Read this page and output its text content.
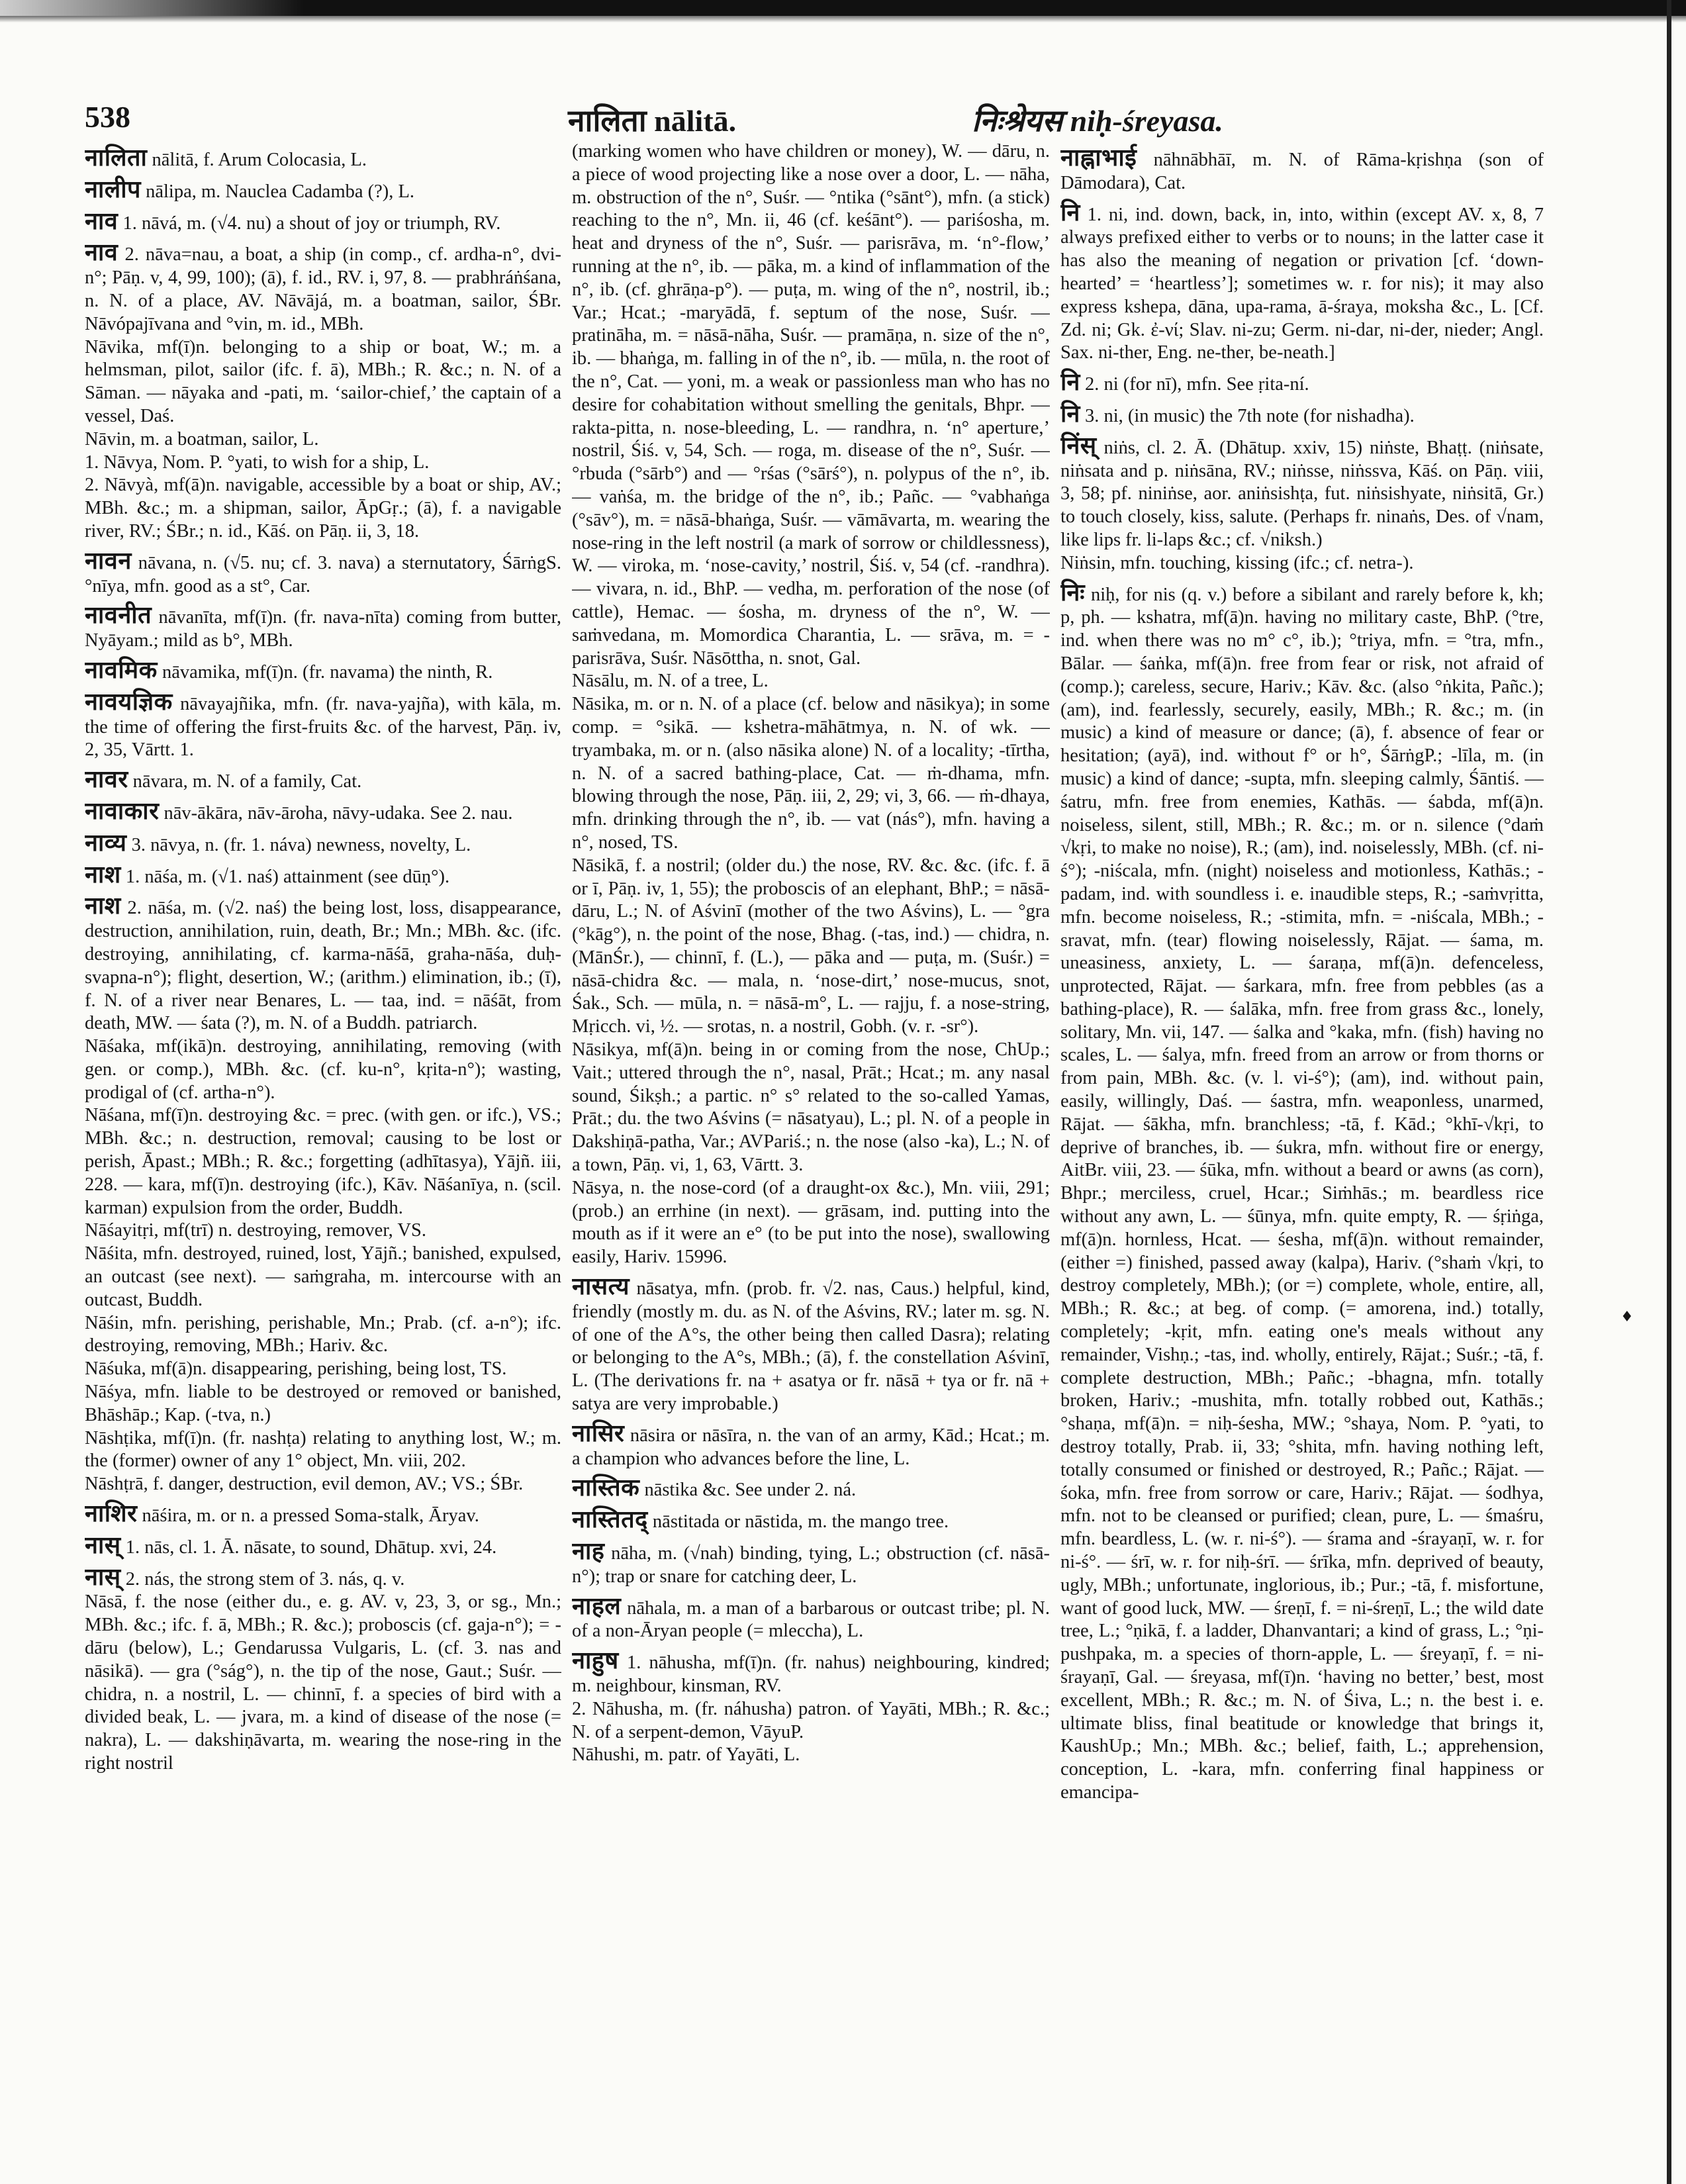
538	नालिता nālitā.	निःश्रेयस niḥ-śreyasa.

नालिता nālitā, f. Arum Colocasia, L.

नालीप nālipa, m. Nauclea Cadamba (?), L.

नाव 1. nāvá, m. (√4. nu) a shout of joy or triumph, RV.

नाव 2. nāva=nau, a boat, a ship (in comp., cf. ardha-n°, dvi-n°; Pāṇ. v, 4, 99, 100); (ā), f. id., RV. i, 97, 8. — prabhráṅśana, n. N. of a place, AV. Nāvājá, m. a boatman, sailor, ŚBr. Nāvópajīvana and °vin, m. id., MBh.

Nāvika, mf(ī)n. belonging to a ship or boat, W.; m. a helmsman, pilot, sailor (ifc. f. ā), MBh.; R. &c.; n. N. of a Sāman. — nāyaka and -pati, m. ‘sailor-chief,’ the captain of a vessel, Daś.

Nāvin, m. a boatman, sailor, L.

1. Nāvya, Nom. P. °yati, to wish for a ship, L.

2. Nāvyà, mf(ā)n. navigable, accessible by a boat or ship, AV.; MBh. &c.; m. a shipman, sailor, ĀpGṛ.; (ā), f. a navigable river, RV.; ŚBr.; n. id., Kāś. on Pāṇ. ii, 3, 18.

नावन nāvana, n. (√5. nu; cf. 3. nava) a sternutatory, ŚārṅgS. °nīya, mfn. good as a st°, Car.

नावनीत nāvanīta, mf(ī)n. (fr. nava-nīta) coming from butter, Nyāyam.; mild as b°, MBh.

नावमिक nāvamika, mf(ī)n. (fr. navama) the ninth, R.

नावयज्ञिक nāvayajñika, mfn. (fr. nava-yajña), with kāla, m. the time of offering the first-fruits &c. of the harvest, Pāṇ. iv, 2, 35, Vārtt. 1.

नावर nāvara, m. N. of a family, Cat.

नावाकार nāv-ākāra, nāv-āroha, nāvy-udaka. See 2. nau.

नाव्य 3. nāvya, n. (fr. 1. náva) newness, novelty, L.

नाश 1. nāśa, m. (√1. naś) attainment (see dūṇ°).

नाश 2. nāśa, m. (√2. naś) the being lost, loss, disappearance, destruction, annihilation, ruin, death, Br.; Mn.; MBh. &c. (ifc. destroying, annihilating, cf. karma-nāśā, graha-nāśa, duḥ-svapna-n°); flight, desertion, W.; (arithm.) elimination, ib.; (ī), f. N. of a river near Benares, L. — taa, ind. = nāśāt, from death, MW. — śata (?), m. N. of a Buddh. patriarch.

Nāśaka, mf(ikā)n. destroying, annihilating, removing (with gen. or comp.), MBh. &c. (cf. ku-n°, kṛita-n°); wasting, prodigal of (cf. artha-n°).

Nāśana, mf(ī)n. destroying &c. = prec. (with gen. or ifc.), VS.; MBh. &c.; n. destruction, removal; causing to be lost or perish, Āpast.; MBh.; R. &c.; forgetting (adhītasya), Yājñ. iii, 228. — kara, mf(ī)n. destroying (ifc.), Kāv. Nāśanīya, n. (scil. karman) expulsion from the order, Buddh.

Nāśayitṛi, mf(trī) n. destroying, remover, VS.

Nāśita, mfn. destroyed, ruined, lost, Yājñ.; banished, expulsed, an outcast (see next). — saṁgraha, m. intercourse with an outcast, Buddh.

Nāśin, mfn. perishing, perishable, Mn.; Prab. (cf. a-n°); ifc. destroying, removing, MBh.; Hariv. &c.

Nāśuka, mf(ā)n. disappearing, perishing, being lost, TS.

Nāśya, mfn. liable to be destroyed or removed or banished, Bhāshāp.; Kap. (-tva, n.)

Nāshṭika, mf(ī)n. (fr. nashṭa) relating to anything lost, W.; m. the (former) owner of any 1° object, Mn. viii, 202.

Nāshṭrā, f. danger, destruction, evil demon, AV.; VS.; ŚBr.

नाशिर nāśira, m. or n. a pressed Soma-stalk, Āryav.

नास् 1. nās, cl. 1. Ā. nāsate, to sound, Dhātup. xvi, 24.

नास् 2. nás, the strong stem of 3. nás, q. v.

Nāsā, f. the nose (either du., e. g. AV. v, 23, 3, or sg., Mn.; MBh. &c.; ifc. f. ā, MBh.; R. &c.); proboscis (cf. gaja-n°); = -dāru (below), L.; Gendarussa Vulgaris, L. (cf. 3. nas and nāsikā). — gra (°ság°), n. the tip of the nose, Gaut.; Suśr. — chidra, n. a nostril, L. — chinnī, f. a species of bird with a divided beak, L. — jvara, m. a kind of disease of the nose (= nakra), L. — dakshiṇāvarta, m. wearing the nose-ring in the right nostril

(marking women who have children or money), W. — dāru, n. a piece of wood projecting like a nose over a door, L. — nāha, m. obstruction of the n°, Suśr. — °ntika (°sānt°), mfn. (a stick) reaching to the n°, Mn. ii, 46 (cf. keśānt°). — pariśosha, m. heat and dryness of the n°, Suśr. — parisrāva, m. ‘n°-flow,’ running at the n°, ib. — pāka, m. a kind of inflammation of the n°, ib. (cf. ghrāṇa-p°). — puṭa, m. wing of the n°, nostril, ib.; Var.; Hcat.; -maryādā, f. septum of the nose, Suśr. — pratināha, m. = nāsā-nāha, Suśr. — pramāṇa, n. size of the n°, ib. — bhaṅga, m. falling in of the n°, ib. — mūla, n. the root of the n°, Cat. — yoni, m. a weak or passionless man who has no desire for cohabitation without smelling the genitals, Bhpr. — rakta-pitta, n. nose-bleeding, L. — randhra, n. ‘n° aperture,’ nostril, Śiś. v, 54, Sch. — roga, m. disease of the n°, Suśr. — °rbuda (°sārb°) and — °rśas (°sārś°), n. polypus of the n°, ib. — vaṅśa, m. the bridge of the n°, ib.; Pañc. — °vabhaṅga (°sāv°), m. = nāsā-bhaṅga, Suśr. — vāmāvarta, m. wearing the nose-ring in the left nostril (a mark of sorrow or childlessness), W. — viroka, m. ‘nose-cavity,’ nostril, Śiś. v, 54 (cf. -randhra). — vivara, n. id., BhP. — vedha, m. perforation of the nose (of cattle), Hemac. — śosha, m. dryness of the n°, W. — saṁvedana, m. Momordica Charantia, L. — srāva, m. = -parisrāva, Suśr. Nāsōttha, n. snot, Gal.

Nāsālu, m. N. of a tree, L.

Nāsika, m. or n. N. of a place (cf. below and nāsikya); in some comp. = °sikā. — kshetra-māhātmya, n. N. of wk. — tryambaka, m. or n. (also nāsika alone) N. of a locality; -tīrtha, n. N. of a sacred bathing-place, Cat. — ṁ-dhama, mfn. blowing through the nose, Pāṇ. iii, 2, 29; vi, 3, 66. — ṁ-dhaya, mfn. drinking through the n°, ib. — vat (nás°), mfn. having a n°, nosed, TS.

Nāsikā, f. a nostril; (older du.) the nose, RV. &c. &c. (ifc. f. ā or ī, Pāṇ. iv, 1, 55); the proboscis of an elephant, BhP.; = nāsā-dāru, L.; N. of Aśvinī (mother of the two Aśvins), L. — °gra (°kāg°), n. the point of the nose, Bhag. (-tas, ind.) — chidra, n. (MānŚr.), — chinnī, f. (L.), — pāka and — puṭa, m. (Suśr.) = nāsā-chidra &c. — mala, n. ‘nose-dirt,’ nose-mucus, snot, Śak., Sch. — mūla, n. = nāsā-m°, L. — rajju, f. a nose-string, Mṛicch. vi, ½. — srotas, n. a nostril, Gobh. (v. r. -sr°).

Nāsikya, mf(ā)n. being in or coming from the nose, ChUp.; Vait.; uttered through the n°, nasal, Prāt.; Hcat.; m. any nasal sound, Śikṣh.; a partic. n° s° related to the so-called Yamas, Prāt.; du. the two Aśvins (= nāsatyau), L.; pl. N. of a people in Dakshiṇā-patha, Var.; AVPariś.; n. the nose (also -ka), L.; N. of a town, Pāṇ. vi, 1, 63, Vārtt. 3.

Nāsya, n. the nose-cord (of a draught-ox &c.), Mn. viii, 291; (prob.) an errhine (in next). — grāsam, ind. putting into the mouth as if it were an e° (to be put into the nose), swallowing easily, Hariv. 15996.

नासत्य nāsatya, mfn. (prob. fr. √2. nas, Caus.) helpful, kind, friendly (mostly m. du. as N. of the Aśvins, RV.; later m. sg. N. of one of the A°s, the other being then called Dasra); relating or belonging to the A°s, MBh.; (ā), f. the constellation Aśvinī, L. (The derivations fr. na + asatya or fr. nāsā + tya or fr. nā + satya are very improbable.)

नासिर nāsira or nāsīra, n. the van of an army, Kād.; Hcat.; m. a champion who advances before the line, L.

नास्तिक nāstika &c. See under 2. ná.

नास्तितद् nāstitada or nāstida, m. the mango tree.

नाह nāha, m. (√nah) binding, tying, L.; obstruction (cf. nāsā-n°); trap or snare for catching deer, L.

नाहल nāhala, m. a man of a barbarous or outcast tribe; pl. N. of a non-Āryan people (= mleccha), L.

नाहुष 1. nāhusha, mf(ī)n. (fr. nahus) neighbouring, kindred; m. neighbour, kinsman, RV.

2. Nāhusha, m. (fr. náhusha) patron. of Yayāti, MBh.; R. &c.; N. of a serpent-demon, VāyuP.

Nāhushi, m. patr. of Yayāti, L.

नाह्नाभाई nāhnābhāī, m. N. of Rāma-kṛishṇa (son of Dāmodara), Cat.

नि 1. ni, ind. down, back, in, into, within (except AV. x, 8, 7 always prefixed either to verbs or to nouns; in the latter case it has also the meaning of negation or privation [cf. ‘down-hearted’ = ‘heartless’]; sometimes w. r. for nis); it may also express kshepa, dāna, upa-rama, ā-śraya, moksha &c., L. [Cf. Zd. ni; Gk. ἐ-νί; Slav. ni-zu; Germ. ni-dar, ni-der, nieder; Angl. Sax. ni-ther, Eng. ne-ther, be-neath.]

नि 2. ni (for nī), mfn. See ṛita-ní.

नि 3. ni, (in music) the 7th note (for nishadha).

निंस् niṅs, cl. 2. Ā. (Dhātup. xxiv, 15) niṅste, Bhaṭṭ. (niṅsate, niṅsata and p. niṅsāna, RV.; niṅsse, niṅssva, Kāś. on Pāṇ. viii, 3, 58; pf. niniṅse, aor. aniṅsishṭa, fut. niṅsishyate, niṅsitā, Gr.) to touch closely, kiss, salute. (Perhaps fr. ninaṅs, Des. of √nam, like lips fr. li-laps &c.; cf. √niksh.)

Niṅsin, mfn. touching, kissing (ifc.; cf. netra-).

निः niḥ, for nis (q. v.) before a sibilant and rarely before k, kh; p, ph. — kshatra, mf(ā)n. having no military caste, BhP. (°tre, ind. when there was no m° c°, ib.); °triya, mfn. = °tra, mfn., Bālar. — śaṅka, mf(ā)n. free from fear or risk, not afraid of (comp.); careless, secure, Hariv.; Kāv. &c. (also °ṅkita, Pañc.); (am), ind. fearlessly, securely, easily, MBh.; R. &c.; m. (in music) a kind of measure or dance; (ā), f. absence of fear or hesitation; (ayā), ind. without f° or h°, ŚārṅgP.; -līla, m. (in music) a kind of dance; -supta, mfn. sleeping calmly, Śāntiś. — śatru, mfn. free from enemies, Kathās. — śabda, mf(ā)n. noiseless, silent, still, MBh.; R. &c.; m. or n. silence (°daṁ √kṛi, to make no noise), R.; (am), ind. noiselessly, MBh. (cf. ni-ś°); -niścala, mfn. (night) noiseless and motionless, Kathās.; -padam, ind. with soundless i. e. inaudible steps, R.; -saṁvṛitta, mfn. become noiseless, R.; -stimita, mfn. = -niścala, MBh.; -sravat, mfn. (tear) flowing noiselessly, Rājat. — śama, m. uneasiness, anxiety, L. — śaraṇa, mf(ā)n. defenceless, unprotected, Rājat. — śarkara, mfn. free from pebbles (as a bathing-place), R. — śalāka, mfn. free from grass &c., lonely, solitary, Mn. vii, 147. — śalka and °kaka, mfn. (fish) having no scales, L. — śalya, mfn. freed from an arrow or from thorns or from pain, MBh. &c. (v. l. vi-ś°); (am), ind. without pain, easily, willingly, Daś. — śastra, mfn. weaponless, unarmed, Rājat. — śākha, mfn. branchless; -tā, f. Kād.; °khī-√kṛi, to deprive of branches, ib. — śukra, mfn. without fire or energy, AitBr. viii, 23. — śūka, mfn. without a beard or awns (as corn), Bhpr.; merciless, cruel, Hcar.; Siṁhās.; m. beardless rice without any awn, L. — śūnya, mfn. quite empty, R. — śṛiṅga, mf(ā)n. hornless, Hcat. — śesha, mf(ā)n. without remainder, (either =) finished, passed away (kalpa), Hariv. (°shaṁ √kṛi, to destroy completely, MBh.); (or =) complete, whole, entire, all, MBh.; R. &c.; at beg. of comp. (= amorena, ind.) totally, completely; -kṛit, mfn. eating one's meals without any remainder, Vishṇ.; -tas, ind. wholly, entirely, Rājat.; Suśr.; -tā, f. complete destruction, MBh.; Pañc.; -bhagna, mfn. totally broken, Hariv.; -mushita, mfn. totally robbed out, Kathās.; °shaṇa, mf(ā)n. = niḥ-śesha, MW.; °shaya, Nom. P. °yati, to destroy totally, Prab. ii, 33; °shita, mfn. having nothing left, totally consumed or finished or destroyed, R.; Pañc.; Rājat. — śoka, mfn. free from sorrow or care, Hariv.; Rājat. — śodhya, mfn. not to be cleansed or purified; clean, pure, L. — śmaśru, mfn. beardless, L. (w. r. ni-ś°). — śrama and -śrayaṇī, w. r. for ni-ś°. — śrī, w. r. for niḥ-śrī. — śrīka, mfn. deprived of beauty, ugly, MBh.; unfortunate, inglorious, ib.; Pur.; -tā, f. misfortune, want of good luck, MW. — śreṇī, f. = ni-śreṇī, L.; the wild date tree, L.; °ṇikā, f. a ladder, Dhanvantari; a kind of grass, L.; °ṇi-pushpaka, m. a species of thorn-apple, L. — śreyaṇī, f. = ni-śrayaṇī, Gal. — śreyasa, mf(ī)n. ‘having no better,’ best, most excellent, MBh.; R. &c.; m. N. of Śiva, L.; n. the best i. e. ultimate bliss, final beatitude or knowledge that brings it, KaushUp.; Mn.; MBh. &c.; belief, faith, L.; apprehension, conception, L. -kara, mfn. conferring final happiness or emancipa-

♦
